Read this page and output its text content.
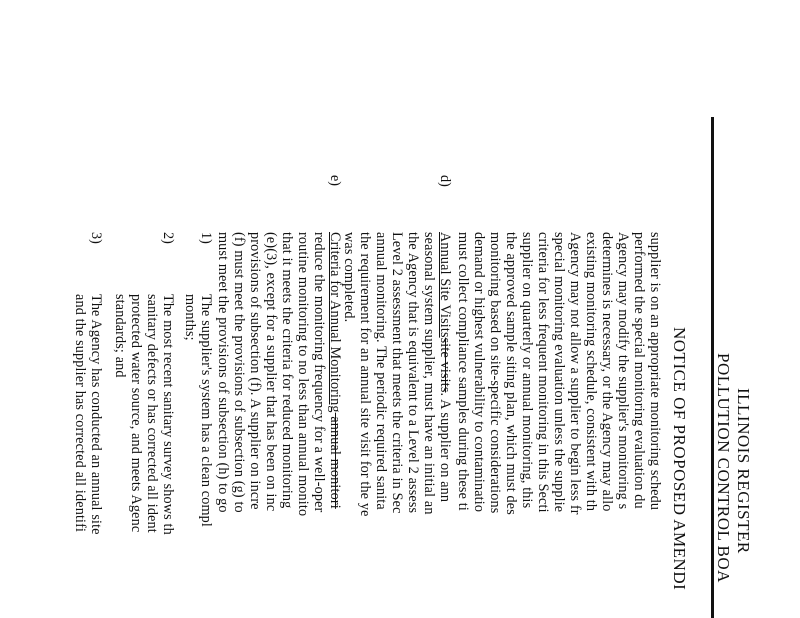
ILLINOIS REGISTER
POLLUTION CONTROL BOA
NOTICE OF PROPOSED AMENDI
supplier is on an appropriate monitoring schedu
performed the special monitoring evaluation du
Agency may modify the supplier's monitoring s
determines is necessary, or the Agency may allo
existing monitoring schedule, consistent with th
Agency may not allow a supplier to begin less fr
special monitoring evaluation unless the supplie
criteria for less frequent monitoring in this Secti
supplier on quarterly or annual monitoring, this
the approved sample siting plan, which must des
monitoring based on site-specific considerations
demand or highest vulnerability to contaminatio
must collect compliance samples during these ti
d)
Annual Site Visitssite visits. A supplier on ann
seasonal system supplier, must have an initial an
the Agency that is equivalent to a Level 2 assess
Level 2 assessment that meets the criteria in Sec
annual monitoring. The periodic required sanita
the requirement for an annual site visit for the ye
was completed.
e)
Criteria for Annual Monitoring annual monitori
reduce the monitoring frequency for a well-oper
routine monitoring to no less than annual monito
that it meets the criteria for reduced monitoring
(e)(3), except for a supplier that has been on inc
provisions of subsection (f). A supplier on incre
(f) must meet the provisions of subsection (g) to
must meet the provisions of subsection (h) to go
1)
The supplier's system has a clean compl
months;
2)
The most recent sanitary survey shows th
sanitary defects or has corrected all ident
protected water source, and meets Agenc
standards; and
3)
The Agency has conducted an annual site
and the supplier has corrected all identifi
